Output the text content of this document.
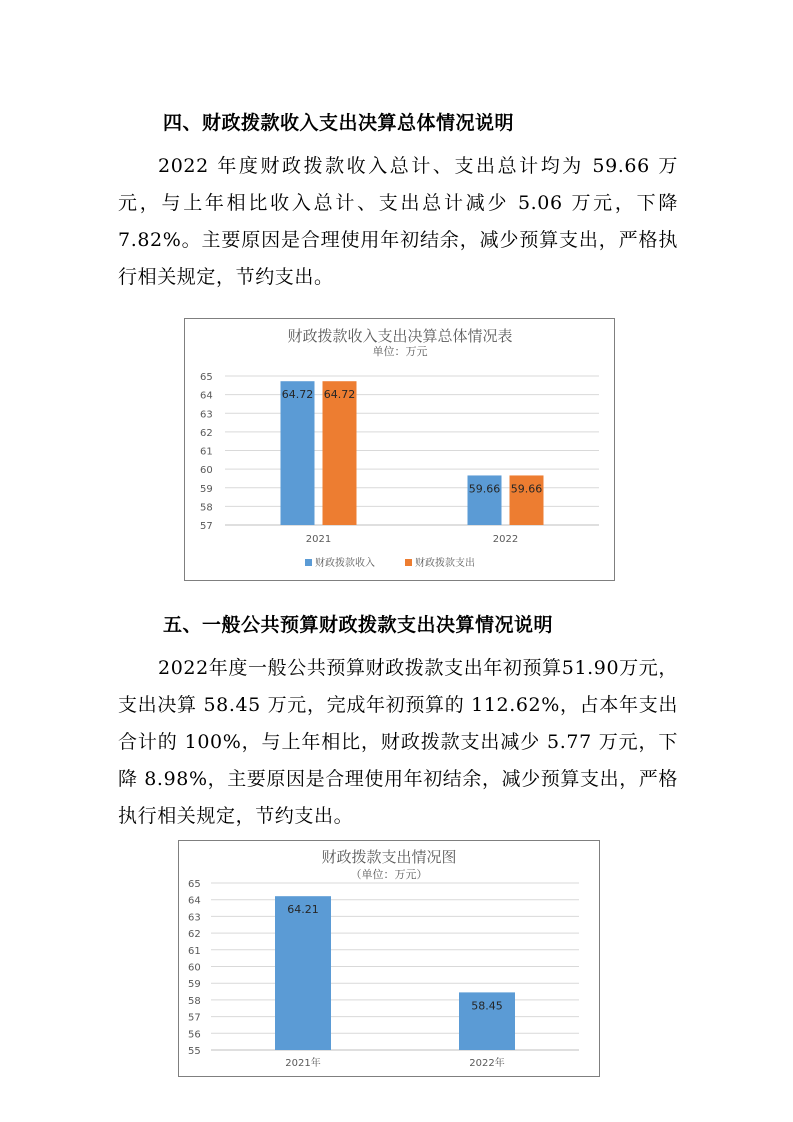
四、财政拨款收入支出决算总体情况说明
2022 年度财政拨款收入总计、支出总计均为 59.66 万元，与上年相比收入总计、支出总计减少 5.06 万元，下降 7.82%。主要原因是合理使用年初结余，减少预算支出，严格执行相关规定，节约支出。
财政拨款收入支出决算总体情况表
单位：万元
57
58
59
60
61
62
63
64
65
64.72 64.72
2021
59.66 59.66
2022
财政拨款收入	财政拨款支出
五、一般公共预算财政拨款支出决算情况说明
2022年度一般公共预算财政拨款支出年初预算51.90万元，支出决算 58.45 万元，完成年初预算的 112.62%，占本年支出合计的 100%，与上年相比，财政拨款支出减少 5.77 万元，下降 8.98%，主要原因是合理使用年初结余，减少预算支出，严格执行相关规定，节约支出。
财政拨款支出情况图
（单位：万元）
55
56
57
58
59
60
61
62
63
64
65
64.21
2021年
58.45
2022年
